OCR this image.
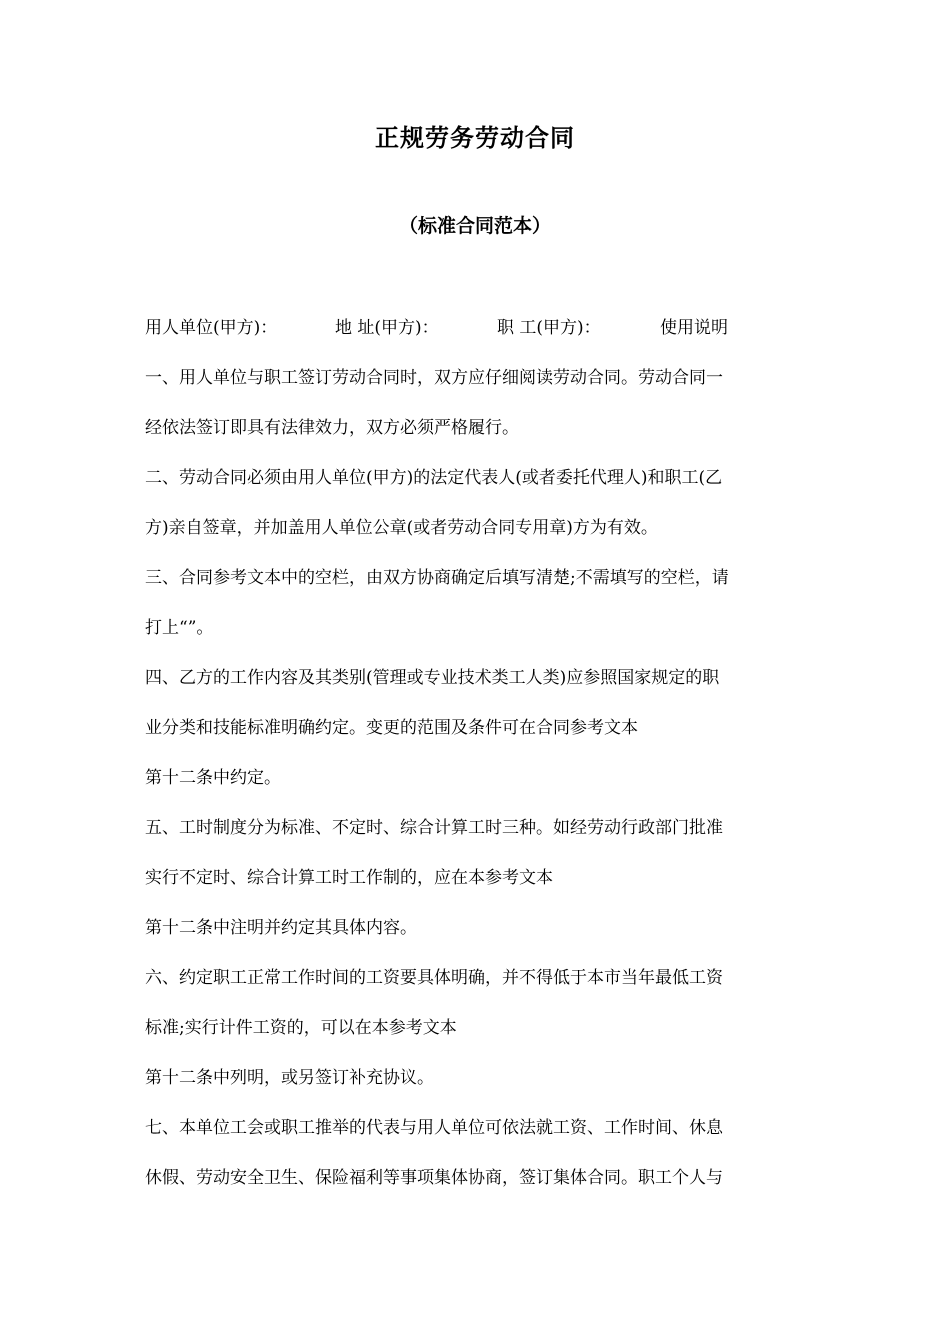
正规劳务劳动合同
（标准合同范本）
用人单位(甲方)：	地 址(甲方)：	职 工(甲方)：	使用说明
一、用人单位与职工签订劳动合同时，双方应仔细阅读劳动合同。劳动合同一
经依法签订即具有法律效力，双方必须严格履行。
二、劳动合同必须由用人单位(甲方)的法定代表人(或者委托代理人)和职工(乙
方)亲自签章，并加盖用人单位公章(或者劳动合同专用章)方为有效。
三、合同参考文本中的空栏，由双方协商确定后填写清楚;不需填写的空栏，请
打上“”。
四、乙方的工作内容及其类别(管理或专业技术类工人类)应参照国家规定的职
业分类和技能标准明确约定。变更的范围及条件可在合同参考文本
第十二条中约定。
五、工时制度分为标准、不定时、综合计算工时三种。如经劳动行政部门批准
实行不定时、综合计算工时工作制的，应在本参考文本
第十二条中注明并约定其具体内容。
六、约定职工正常工作时间的工资要具体明确，并不得低于本市当年最低工资
标准;实行计件工资的，可以在本参考文本
第十二条中列明，或另签订补充协议。
七、本单位工会或职工推举的代表与用人单位可依法就工资、工作时间、休息
休假、劳动安全卫生、保险福利等事项集体协商，签订集体合同。职工个人与
